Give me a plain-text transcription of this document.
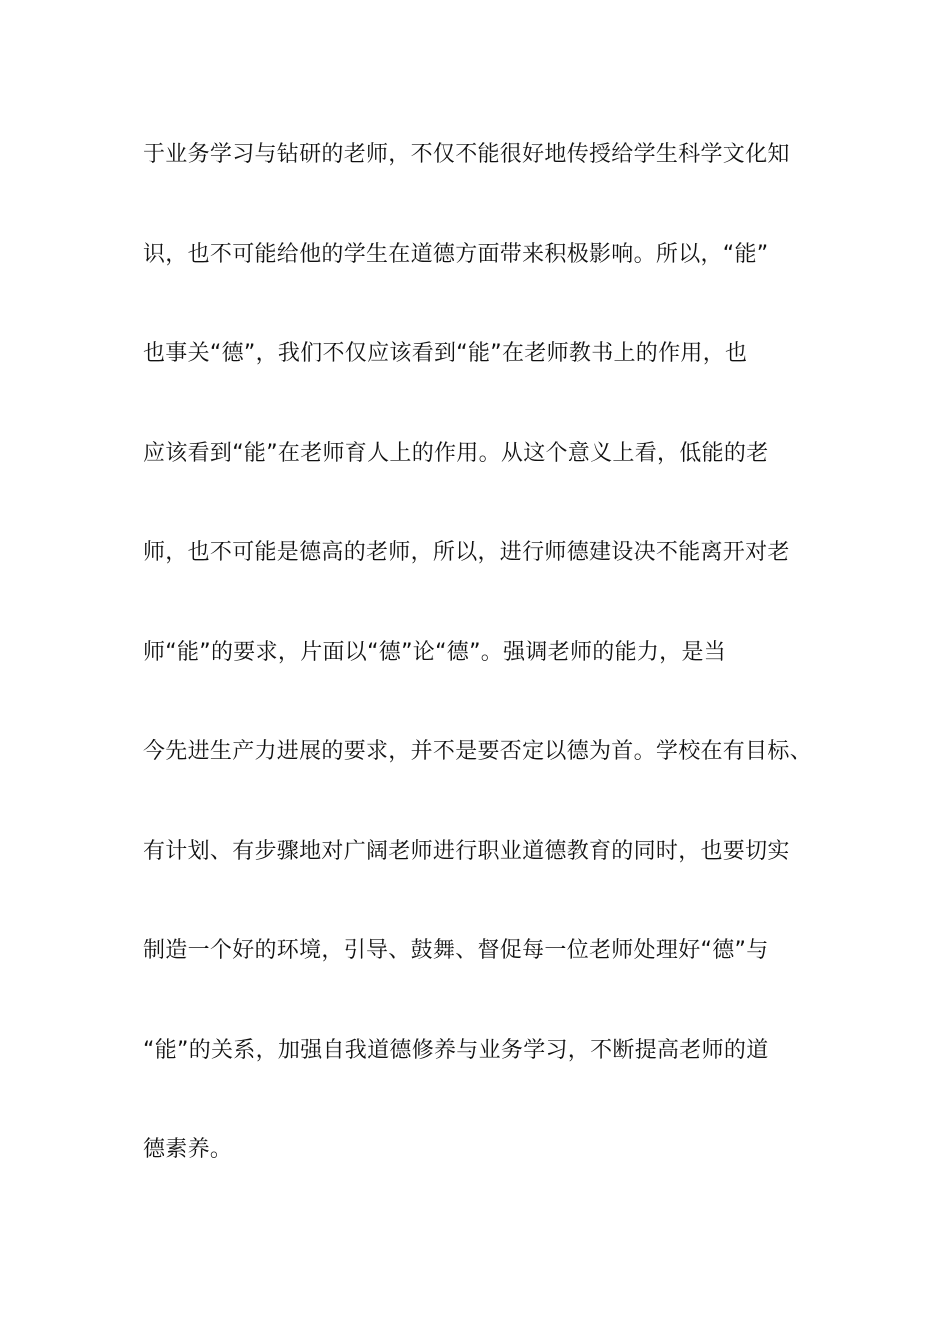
于业务学习与钻研的老师，不仅不能很好地传授给学生科学文化知
识，也不可能给他的学生在道德方面带来积极影响。所以，“能”
也事关“德”，我们不仅应该看到“能”在老师教书上的作用，也
应该看到“能”在老师育人上的作用。从这个意义上看，低能的老
师，也不可能是德高的老师，所以，进行师德建设决不能离开对老
师“能”的要求，片面以“德”论“德”。强调老师的能力，是当
今先进生产力进展的要求，并不是要否定以德为首。学校在有目标、
有计划、有步骤地对广阔老师进行职业道德教育的同时，也要切实
制造一个好的环境，引导、鼓舞、督促每一位老师处理好“德”与
“能”的关系，加强自我道德修养与业务学习，不断提高老师的道
德素养。
